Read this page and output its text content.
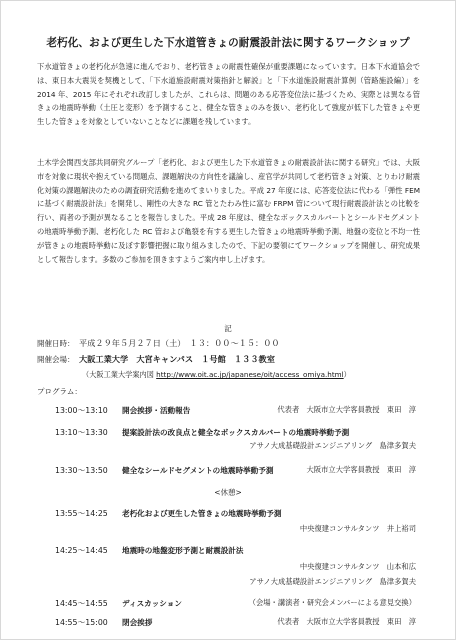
老朽化、および更生した下水道管きょの耐震設計法に関するワークショップ

下水道管きょの老朽化が急速に進んでおり、老朽管きょの耐震性確保が重要課題になっています。日本下水道協会では、東日本大震災を契機として、「下水道施設耐震対策指針と解説」と「下水道施設耐震計算例（管路施設編）」を 2014 年、2015 年にそれぞれ改訂しましたが、これらは、問題のある応答変位法に基づくため、実際とは異なる管きょの地震時挙動（土圧と変形）を予測すること、健全な管きょのみを扱い、老朽化して強度が低下した管きょや更生した管きょを対象としていないことなどに課題を残しています。

土木学会関西支部共同研究グループ「老朽化、および更生した下水道管きょの耐震設計法に関する研究」では、大阪市を対象に現状や抱えている問題点、課題解決の方向性を議論し、産官学が共同して老朽管きょ対策、とりわけ耐震化対策の課題解決のための調査研究活動を進めてまいりました。平成 27 年度には、応答変位法に代わる「弾性 FEM に基づく耐震設計法」を開発し、剛性の大きな RC 管とたわみ性に富む FRPM 管について現行耐震設計法との比較を行い、両者の予測が異なることを報告しました。平成 28 年度は、健全なボックスカルバートとシールドセグメントの地震時挙動予測、老朽化した RC 管および亀裂を有する更生した管きょの地震時挙動予測、地盤の変位と不均一性が管きょの地震時挙動に及ぼす影響把握に取り組みましたので、下記の要領にてワークショップを開催し、研究成果として報告します。多数のご参加を頂きますようご案内申し上げます。

記
開催日時： 平成２９年５月２７日（土）　１３：００～１５：００
開催会場： 大阪工業大学　大宮キャンパス　１号館　１３３教室
（大阪工業大学案内図 http://www.oit.ac.jp/japanese/oit/access_omiya.html）
プログラム：
13:00～13:10 開会挨拶・活動報告	代表者　大阪市立大学客員教授　東田　淳
13:10～13:30 提案設計法の改良点と健全なボックスカルバートの地震時挙動予測
アサノ大成基礎設計エンジニアリング　島津多賀夫
13:30～13:50 健全なシールドセグメントの地震時挙動予測	大阪市立大学客員教授　東田　淳
<休憩>
13:55～14:25 老朽化および更生した管きょの地震時挙動予測
中央復建コンサルタンツ　井上裕司
14:25～14:45 地震時の地盤変形予測と耐震設計法
中央復建コンサルタンツ　山本和広
アサノ大成基礎設計エンジニアリング　島津多賀夫
14:45～14:55 ディスカッション	（会場・講演者・研究会メンバーによる意見交換）
14:55～15:00 閉会挨拶	代表者　大阪市立大学客員教授　東田　淳
